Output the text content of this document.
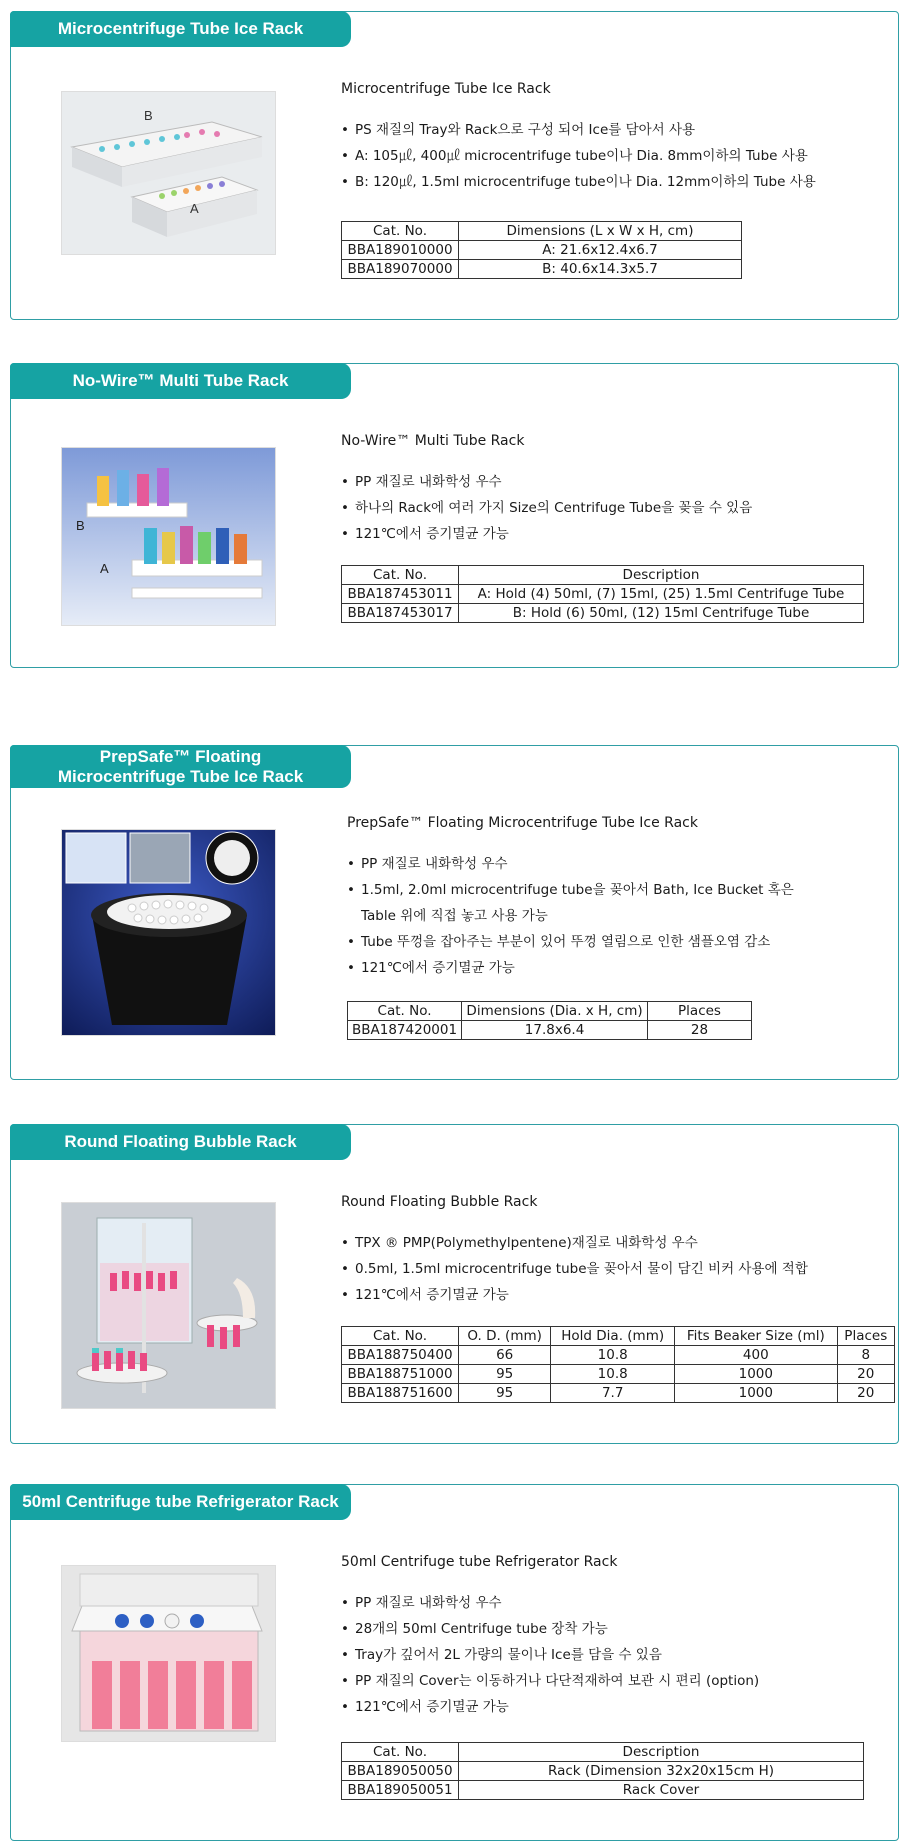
Microcentrifuge Tube Ice Rack
B
A
Microcentrifuge Tube Ice Rack
• PS 재질의 Tray와 Rack으로 구성 되어 Ice를 담아서 사용
• A: 105㎕, 400㎕ microcentrifuge tube이나 Dia. 8mm이하의 Tube 사용
• B: 120㎕, 1.5ml microcentrifuge tube이나 Dia. 12mm이하의 Tube 사용
Cat. No.	Dimensions (L x W x H, cm)
BBA189010000	A: 21.6x12.4x6.7
BBA189070000	B: 40.6x14.3x5.7
No-Wire™ Multi Tube Rack
B
A
No-Wire™ Multi Tube Rack
• PP 재질로 내화학성 우수
• 하나의 Rack에 여러 가지 Size의 Centrifuge Tube을 꽂을 수 있음
• 121℃에서 증기멸균 가능
Cat. No.	Description
BBA187453011	A: Hold (4) 50ml, (7) 15ml, (25) 1.5ml Centrifuge Tube
BBA187453017	B: Hold (6) 50ml, (12) 15ml Centrifuge Tube
PrepSafe™ Floating
Microcentrifuge Tube Ice Rack
PrepSafe™ Floating Microcentrifuge Tube Ice Rack
• PP 재질로 내화학성 우수
• 1.5ml, 2.0ml microcentrifuge tube을 꽂아서 Bath, Ice Bucket 혹은
Table 위에 직접 놓고 사용 가능
• Tube 뚜껑을 잡아주는 부분이 있어 뚜껑 열림으로 인한 샘플오염 감소
• 121℃에서 증기멸균 가능
Cat. No.	Dimensions (Dia. x H, cm)	Places
BBA187420001	17.8x6.4	28
Round Floating Bubble Rack
Round Floating Bubble Rack
• TPX ® PMP(Polymethylpentene)재질로 내화학성 우수
• 0.5ml, 1.5ml microcentrifuge tube을 꽂아서 물이 담긴 비커 사용에 적합
• 121℃에서 증기멸균 가능
Cat. No.	O. D. (mm)	Hold Dia. (mm)	Fits Beaker Size (ml)	Places
BBA188750400	66	10.8	400	8
BBA188751000	95	10.8	1000	20
BBA188751600	95	7.7	1000	20
50ml Centrifuge tube Refrigerator Rack
50ml Centrifuge tube Refrigerator Rack
• PP 재질로 내화학성 우수
• 28개의 50ml Centrifuge tube 장착 가능
• Tray가 깊어서 2L 가량의 물이나 Ice를 담을 수 있음
• PP 재질의 Cover는 이동하거나 다단적재하여 보관 시 편리 (option)
• 121℃에서 증기멸균 가능
Cat. No.	Description
BBA189050050	Rack (Dimension 32x20x15cm H)
BBA189050051	Rack Cover
